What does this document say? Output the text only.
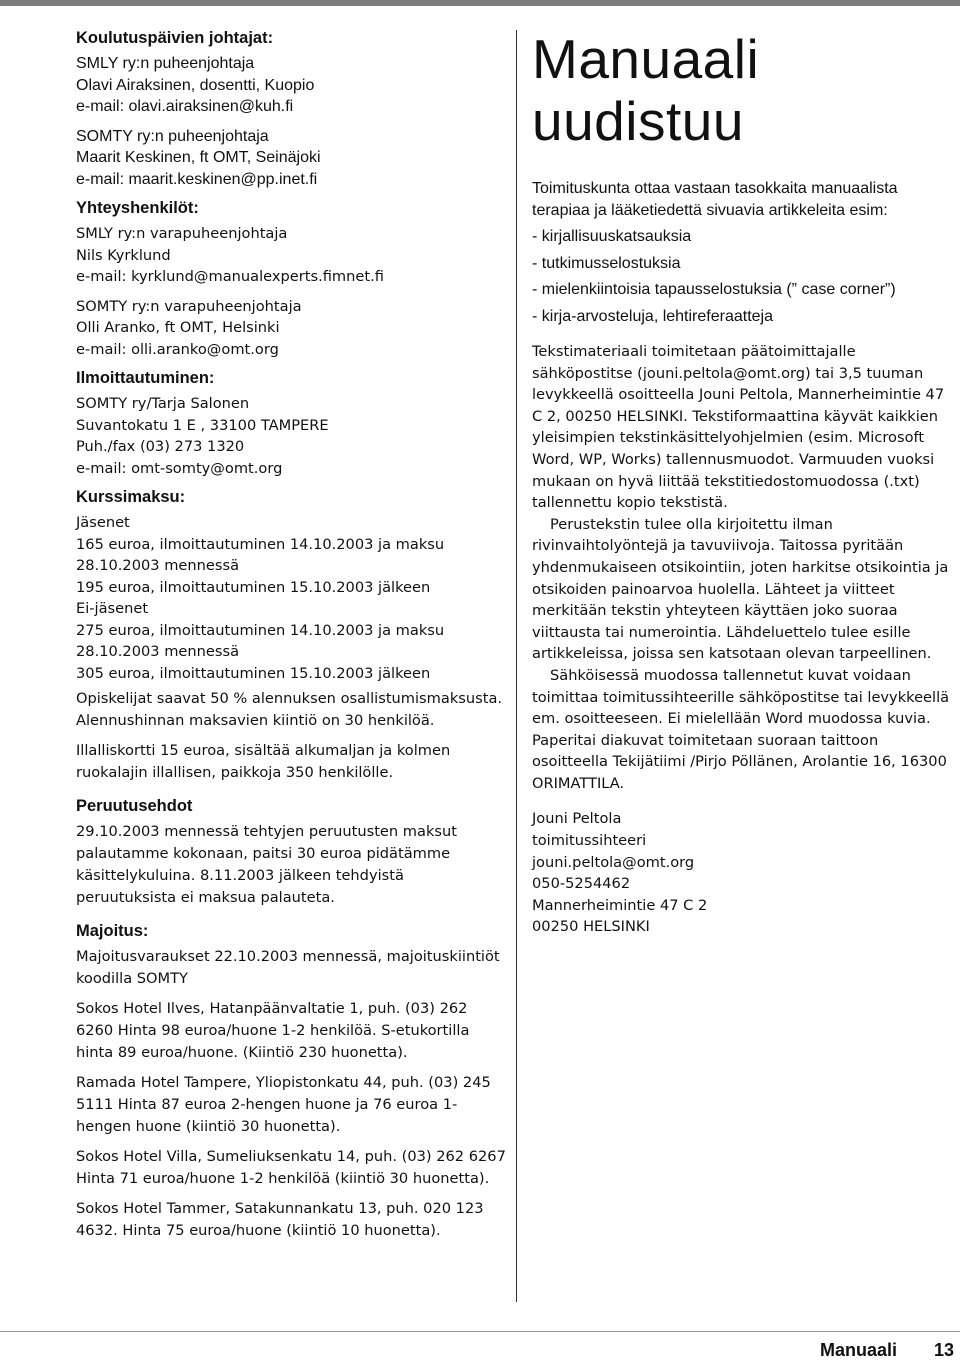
Koulutuspäivien johtajat:
SMLY ry:n puheenjohtaja
Olavi Airaksinen, dosentti, Kuopio
e-mail: olavi.airaksinen@kuh.fi
SOMTY ry:n puheenjohtaja
Maarit Keskinen, ft OMT, Seinäjoki
e-mail: maarit.keskinen@pp.inet.fi
Yhteyshenkilöt:
SMLY ry:n varapuheenjohtaja
Nils Kyrklund
e-mail: kyrklund@manualexperts.fimnet.fi
SOMTY ry:n varapuheenjohtaja
Olli Aranko, ft OMT, Helsinki
e-mail: olli.aranko@omt.org
Ilmoittautuminen:
SOMTY ry/Tarja Salonen
Suvantokatu 1 E , 33100 TAMPERE
Puh./fax (03) 273 1320
e-mail: omt-somty@omt.org
Kurssimaksu:
Jäsenet
165 euroa, ilmoittautuminen 14.10.2003 ja maksu
28.10.2003 mennessä
195 euroa, ilmoittautuminen 15.10.2003 jälkeen
Ei-jäsenet
275 euroa, ilmoittautuminen 14.10.2003 ja maksu
28.10.2003 mennessä
305 euroa, ilmoittautuminen 15.10.2003 jälkeen

Opiskelijat saavat 50 % alennuksen osallistumismaksusta. Alennushinnan maksavien kiintiö on 30 henkilöä.

Illalliskortti 15 euroa, sisältää alkumaljan ja kolmen ruokalajin illallisen, paikkoja 350 henkilölle.

Peruutusehdot

29.10.2003 mennessä tehtyjen peruutusten maksut palautamme kokonaan, paitsi 30 euroa pidätämme käsittelykuluina. 8.11.2003 jälkeen tehdyistä peruutuksista ei maksua palauteta.

Majoitus:

Majoitusvaraukset 22.10.2003 mennessä, majoituskiintiöt koodilla SOMTY

Sokos Hotel Ilves, Hatanpäänvaltatie 1, puh. (03) 262 6260 Hinta 98 euroa/huone 1-2 henkilöä. S-etukortilla hinta 89 euroa/huone. (Kiintiö 230 huonetta).

Ramada Hotel Tampere, Yliopistonkatu 44, puh. (03) 245 5111 Hinta 87 euroa 2-hengen huone ja 76 euroa 1-hengen huone (kiintiö 30 huonetta).

Sokos Hotel Villa, Sumeliuksenkatu 14, puh. (03) 262 6267 Hinta 71 euroa/huone 1-2 henkilöä (kiintiö 30 huonetta).

Sokos Hotel Tammer, Satakunnankatu 13, puh. 020 123 4632. Hinta 75 euroa/huone (kiintiö 10 huonetta).

Manuaali
uudistuu
Toimituskunta ottaa vastaan tasokkaita manuaalista terapiaa ja lääketiedettä sivuavia artikkeleita esim:
- kirjallisuuskatsauksia
- tutkimusselostuksia
- mielenkiintoisia tapausselostuksia (” case corner”)
- kirja-arvosteluja, lehtireferaatteja

Tekstimateriaali toimitetaan päätoimittajalle sähköpostitse (jouni.peltola@omt.org) tai 3,5 tuuman levykkeellä osoitteella Jouni Peltola, Mannerheimintie 47 C 2, 00250 HELSINKI. Tekstiformaattina käyvät kaikkien yleisimpien tekstinkäsittelyohjelmien (esim. Microsoft Word, WP, Works) tallennusmuodot. Varmuuden vuoksi mukaan on hyvä liittää tekstitiedostomuodossa (.txt) tallennettu kopio tekstistä.

Perustekstin tulee olla kirjoitettu ilman rivinvaihtolyöntejä ja tavuviivoja. Taitossa pyritään yhdenmukaiseen otsikointiin, joten harkitse otsikointia ja otsikoiden painoarvoa huolella. Lähteet ja viitteet merkitään tekstin yhteyteen käyttäen joko suoraa viittausta tai numerointia. Lähdeluettelo tulee esille artikkeleissa, joissa sen katsotaan olevan tarpeellinen.

Sähköisessä muodossa tallennetut kuvat voidaan toimittaa toimitussihteerille sähköpostitse tai levykkeellä em. osoitteeseen. Ei mielellään Word muodossa kuvia. Paperitai diakuvat toimitetaan suoraan taittoon osoitteella Tekijätiimi /Pirjo Pöllänen, Arolantie 16, 16300 ORIMATTILA.

Jouni Peltola
toimitussihteeri
jouni.peltola@omt.org
050-5254462
Mannerheimintie 47 C 2
00250 HELSINKI
Manuaali 13
